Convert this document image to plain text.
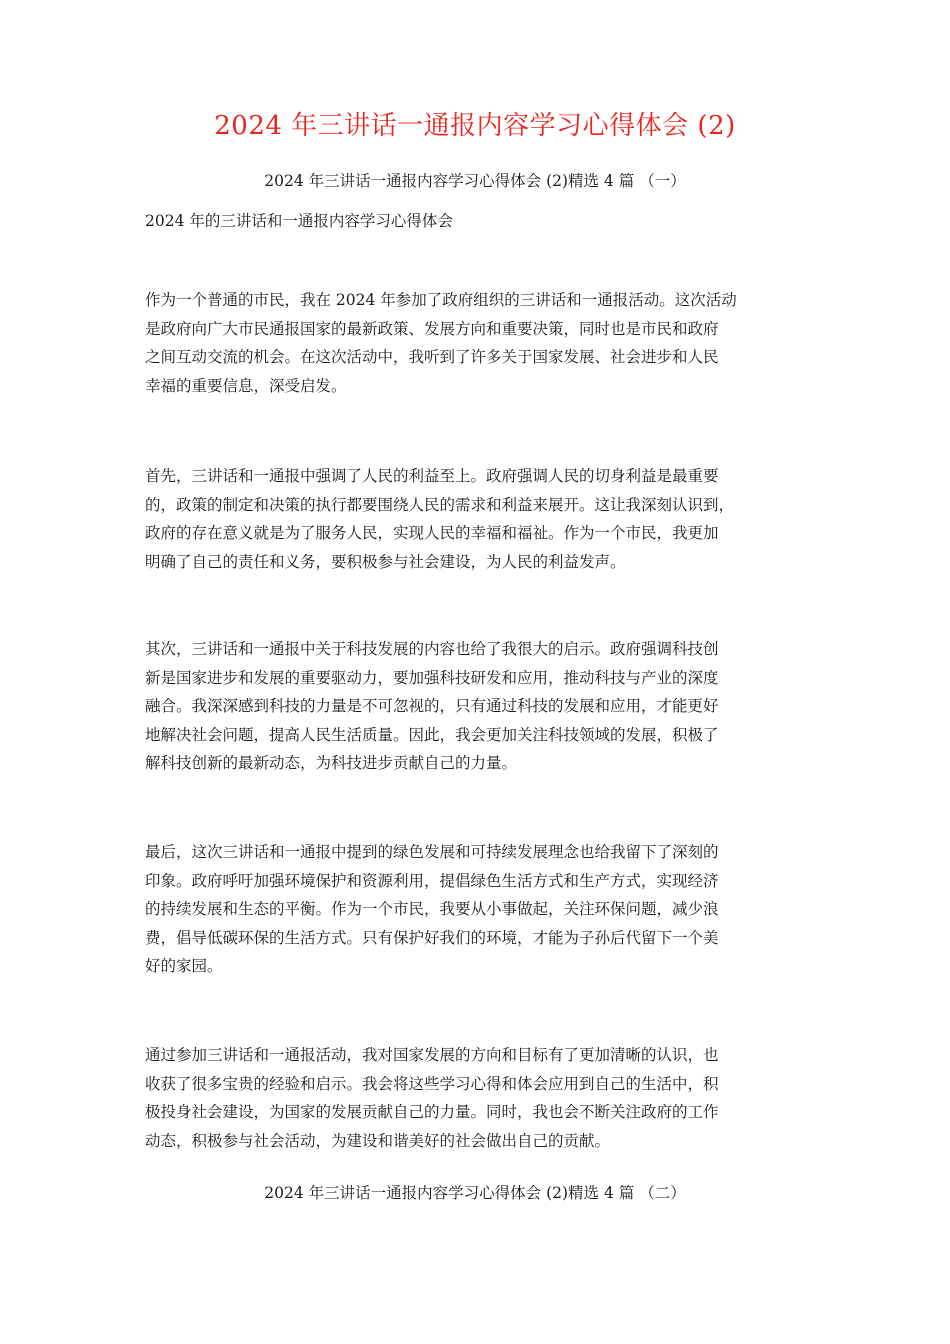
2024 年三讲话一通报内容学习心得体会 (2)
2024 年三讲话一通报内容学习心得体会 (2)精选 4 篇 （一）
2024 年的三讲话和一通报内容学习心得体会
作为一个普通的市民，我在 2024 年参加了政府组织的三讲话和一通报活动。这次活动
是政府向广大市民通报国家的最新政策、发展方向和重要决策，同时也是市民和政府
之间互动交流的机会。在这次活动中，我听到了许多关于国家发展、社会进步和人民
幸福的重要信息，深受启发。
首先，三讲话和一通报中强调了人民的利益至上。政府强调人民的切身利益是最重要
的，政策的制定和决策的执行都要围绕人民的需求和利益来展开。这让我深刻认识到，
政府的存在意义就是为了服务人民，实现人民的幸福和福祉。作为一个市民，我更加
明确了自己的责任和义务，要积极参与社会建设，为人民的利益发声。
其次，三讲话和一通报中关于科技发展的内容也给了我很大的启示。政府强调科技创
新是国家进步和发展的重要驱动力，要加强科技研发和应用，推动科技与产业的深度
融合。我深深感到科技的力量是不可忽视的，只有通过科技的发展和应用，才能更好
地解决社会问题，提高人民生活质量。因此，我会更加关注科技领域的发展，积极了
解科技创新的最新动态，为科技进步贡献自己的力量。
最后，这次三讲话和一通报中提到的绿色发展和可持续发展理念也给我留下了深刻的
印象。政府呼吁加强环境保护和资源利用，提倡绿色生活方式和生产方式，实现经济
的持续发展和生态的平衡。作为一个市民，我要从小事做起，关注环保问题，减少浪
费，倡导低碳环保的生活方式。只有保护好我们的环境，才能为子孙后代留下一个美
好的家园。
通过参加三讲话和一通报活动，我对国家发展的方向和目标有了更加清晰的认识，也
收获了很多宝贵的经验和启示。我会将这些学习心得和体会应用到自己的生活中，积
极投身社会建设，为国家的发展贡献自己的力量。同时，我也会不断关注政府的工作
动态，积极参与社会活动，为建设和谐美好的社会做出自己的贡献。
2024 年三讲话一通报内容学习心得体会 (2)精选 4 篇 （二）
